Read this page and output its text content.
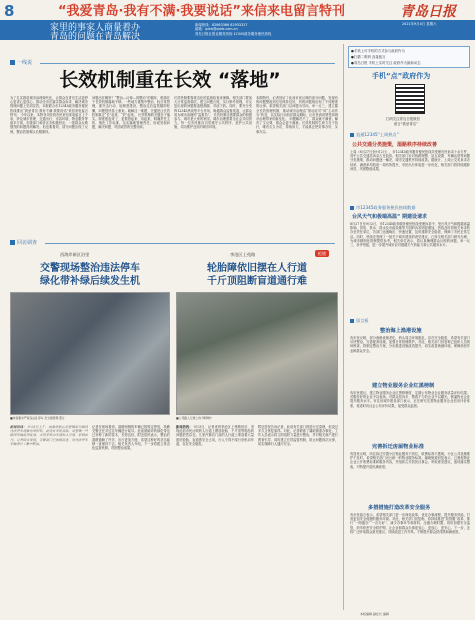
8	“我爱青岛·我有不满·我要说话”来信来电留言特刊	青岛日报
家里的事家人商量着办
青岛的问题在青岛解决
新闻热线：82863366 82933327
邮箱：qdrb@qdrb.com.cn
青岛日报社报业服务热线·12345政务服务便民热线
2021年9月4日 星期六
一线说
长效机制重在长效 “落地”
为了扎实推进城市治理现代化，让群众在青岛生活更舒心更省心更放心，推动全市在落实群众诉求、解决城市管理问题上见到实效，本报联合市12345政务服务便民热线推出“我爱青岛·我有不满·我要说话”来信来电留言特刊。 今年以来，本特刊共收到市民来信来电留言上千条，涉及城市管理、交通出行、市容环境、物业服务等诸多方面，市级部门和各区市积极回应，一批群众反映强烈的问题得到解决。但也要看到，部分问题出现了反弹，整治效果难以长期保持。
问题出在哪里？“整治—反弹—再整治”的循环，根源在于长效机制落地不够。一些地方重集中整治、轻日常管理，重突击行动、轻制度建设，整治过后监管随即松懈，问题很快卷土重来。破解这一难题，关键是让长效机制真正“长”起来、“效”起来。 长效机制的关键在于落实。制度建起来了，更要管起来、用起来，明确责任主体，细化工作标准，压实属地管理责任，形成发现问题、解决问题、巩固成效的完整闭环。
长效机制要靠常态化的监督检查来保障。相关部门要加大日常巡查频次，建立问题台账，实行销号管理，对反复出现的问题要追根溯源、对症下药。同时，要充分发挥12345热线等平台作用，畅通群众监督渠道，让群众成为城市治理的“监督员”。 长效机制还需要群众的积极参与。城市是大家的家园，城市治理需要全社会共同努力。每一位市民都应自觉遵守公共秩序，爱护公共设施，共同维护良好的城市环境。
本期特刊，记者回访了此前市民反映的部分问题，发现有的问题整改到位后保持良好，有的问题则出现了不同程度的反弹。希望相关部门以问题为导向，举一反三，建立健全长效管理机制，推动城市治理由“被动应对”向“主动作为”转变，以实际行动回应群众期盼，让市民真切感受到城市治理带来的新变化。 问题解决不了，群众就不满意；解决了又反弹，群众会更不满意。长效机制的生命力在于执行，唯有久久为功、持续用力，才能真正把好事办好、实事办实。
回访调查
西海岸新区泊里
交警现场整治违法停车
绿化带补绿后续发生机
■市南要求严查违法乱停车 及交通管理 照片
新闻热线： 9月3日上午，西海岸新区泊里镇部分路段违法停车现象有所好转。此前有市民反映，泊里镇一些路段车辆乱停乱放，占用非机动车道和人行道，影响出行。记者回访发现，交警部门已加强巡查，对违法停车车辆进行了集中整治。
记者在现场看到，道路两侧的车辆已按规定停放，执勤交警正在对过往车辆进行疏导。此前被破坏的绿化带也已补种了新的苗木，长势良好。附近居民表示，整治后道路通畅了许多，出行更加方便，希望这种好的状态能够一直保持下去。相关负责人介绍，下一步将建立常态化巡查机制，巩固整治成果。
抢镜
李沧区上苑路
轮胎障依旧摆在人行道
千斤顶阻断盲道通行难
■上苑路人行道上的“障碍物”
新闻热线： 9月3日，记者来到李沧区上苑路回访，发现此前市民反映的人行道上摆放轮胎、千斤顶等物品的问题依然存在。几家汽修店门前的人行道上堆放着大量废旧轮胎，盲道被完全占用，行人不得不绕行至机动车道，存在安全隐患。
附近居民告诉记者，此前有关部门曾进行过清理，但没过多久又恢复原样。对此，记者联系了属地街道办事处，工作人员表示将立即组织力量进行整治，并对相关商户进行教育引导，同时建立长效监管机制，防止问题再次反弹，切实保障行人通行安全。
●手机上可手机的方式参与政府作为
●扫描二维码 直接留言
●青岛日报 手机上实时关注 政府作为最新动态
手机“点”政府作为
扫码关注青岛日报微信
留言“我爱青岛”
直通12345“上周热点”
公共交通分类施策，湿路秩序持续改善
上周（8月27日至9月2日），市12345政务服务便民热线共受理市民诉求十余万件，其中公共交通类诉求占比较高。相关部门针对线路调整、站点设置、车辆运营等问题分类施策，推动问题逐一解决，城市交通秩序持续改善。据统计，上周公交类诉求办结率、满意率均较前一周有所提升，市民出行体验进一步优化，相关部门将持续跟踪问效，巩固整改成果。
市12345政务服务便民热线数据
台风天气和极端高温“ 期建设请求
8月27日至9月2日，市12345政务服务便民热线受理诉求中，受台风天气和极端高温影响，供电、供水、排水及市政设施等方面的诉求明显增加。热线及时将相关诉求转办至责任单位，各部门迅速响应、快速处置，及时排除安全隐患，保障了市民正常生活。同时，热线还受理了一批关于城市建设的意见建议，已转交相关部门研究办理，为城市精细化管理提供参考。相关单位表示，将认真梳理群众反映的问题，举一反三，补齐短板，进一步提升城市应对极端天气的能力和公共服务水平。
留言板
整治海上渔港设施
有市民反映，部分渔港设施老化，码头周边环境脏乱，存在安全隐患，希望有关部门尽快整治，完善配套设施，加强日常管理维护。对此，相关部门回复称已组织人员现场核查，将制定整治方案，分步推进设施改造提升，切实改善渔港环境，保障渔民作业和群众安全。
建立物业服务企业红黑榜制
有市民建议，建立物业服务企业红黑榜制度，定期公布物业企业服务质量评价结果，对服务好的企业予以表扬，对群众投诉多、整改不力的企业予以曝光，倒逼物业企业提升服务水平。市住房城乡建设部门表示，正在研究完善物业服务企业信用评价体系，将适时向社会公布评价结果，接受群众监督。
完善拆迁房屋物业标准
有居民反映，所住拆迁安置小区物业服务不到位，收费标准不透明，小区公共设施维护不及时，希望相关部门出台统一的物业服务标准。属地街道回复表示，已督促物业企业公开收费标准和服务内容，并组织召开居民议事会，听取意见建议，逐项落实整改，不断提升居民满意度。
多措措施打造改革安全服务
有市民留言表示，希望相关部门进一步深化改革，优化办事流程，提升服务效能，打造更加安全便捷的服务环境。对此，相关部门回复称，将持续推进“放管服”改革，推行“一网通办”“一次办好”，减少办事环节和材料，压缩办理时限，同时加强安全监管，织牢织密安全防护网，让企业和群众办事更省心、更放心、更安心。下一步，还将广泛听取群众意见建议，持续改进工作作风，不断提升群众获得感和满意度。
本版编辑 副社长 编辑
